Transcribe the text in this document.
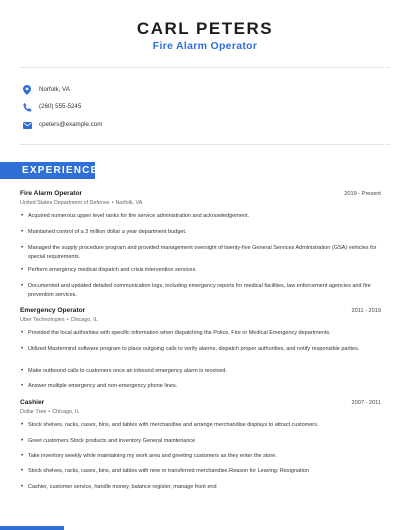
CARL PETERS
Fire Alarm Operator
Norfolk, VA
(260) 555-5245
cpeters@example.com
EXPERIENCE
Fire Alarm Operator	2019 - Present
United States Department of Defense • Norfolk, VA
• Acquired numerous upper level ranks for fire service administration and acknowledgement.
• Maintained control of a 3 million dollar a year department budget.
• Managed the supply procedure program and provided management oversight of twenty-five General Services Administration (GSA) vehicles for special requirements.
• Perform emergency medical dispatch and crisis intervention services.
• Documented and updated detailed communication logs, including emergency reports for medical facilities, law enforcement agencies and fire prevention services.
Emergency Operator	2011 - 2019
Uber Technologies • Chicago, IL
• Provided the local authorities with specific information when dispatching the Police, Fire or Medical Emergency departments.
• Utilized Mastermind software program to place outgoing calls to verify alarms, dispatch proper authorities, and notify responsible parties.
• Make outbound calls to customers once an inbound emergency alarm is received.
• Answer multiple emergency and non-emergency phone lines.
Cashier	2007 - 2011
Dollar Tree • Chicago, IL
• Stock shelves, racks, cases, bins, and tables with merchandise and arrange merchandise displays to attract customers.
• Greet customers Stock products and inventory General maintenance
• Take inventory weekly while maintaining my work area and greeting customers as they enter the store.
• Stock shelves, racks, cases, bins, and tables with new or transferred merchandise.Reason for Leaving: Resignation
• Cashier, customer service, handle money, balance register, manage front end
